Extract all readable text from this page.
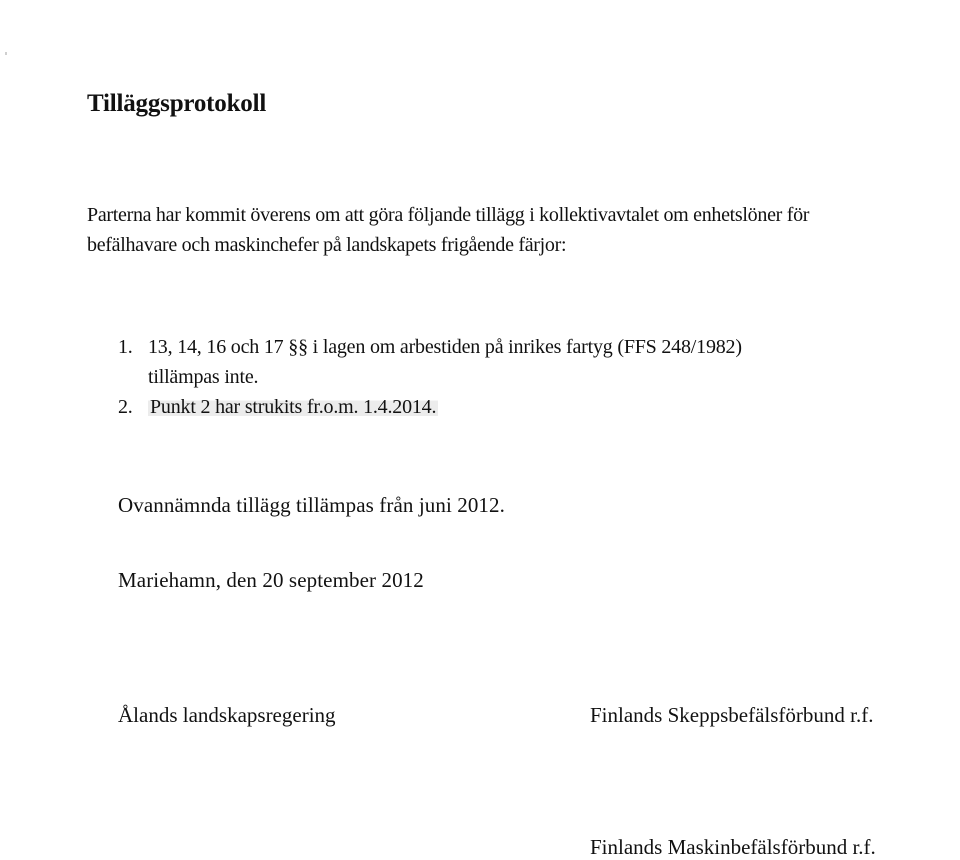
Tilläggsprotokoll

Parterna har kommit överens om att göra följande tillägg i kollektivavtalet om enhetslöner för

befälhavare och maskinchefer på landskapets frigående färjor:

1. 13, 14, 16 och 17 §§ i lagen om arbestiden på inrikes fartyg (FFS 248/1982)
tillämpas inte.
2. Punkt 2 har strukits fr.o.m. 1.4.2014.
Ovannämnda tillägg tillämpas från juni 2012.
Mariehamn, den 20 september 2012
Ålands landskapsregering	Finlands Skeppsbefälsförbund r.f.
Finlands Maskinbefälsförbund r.f.
